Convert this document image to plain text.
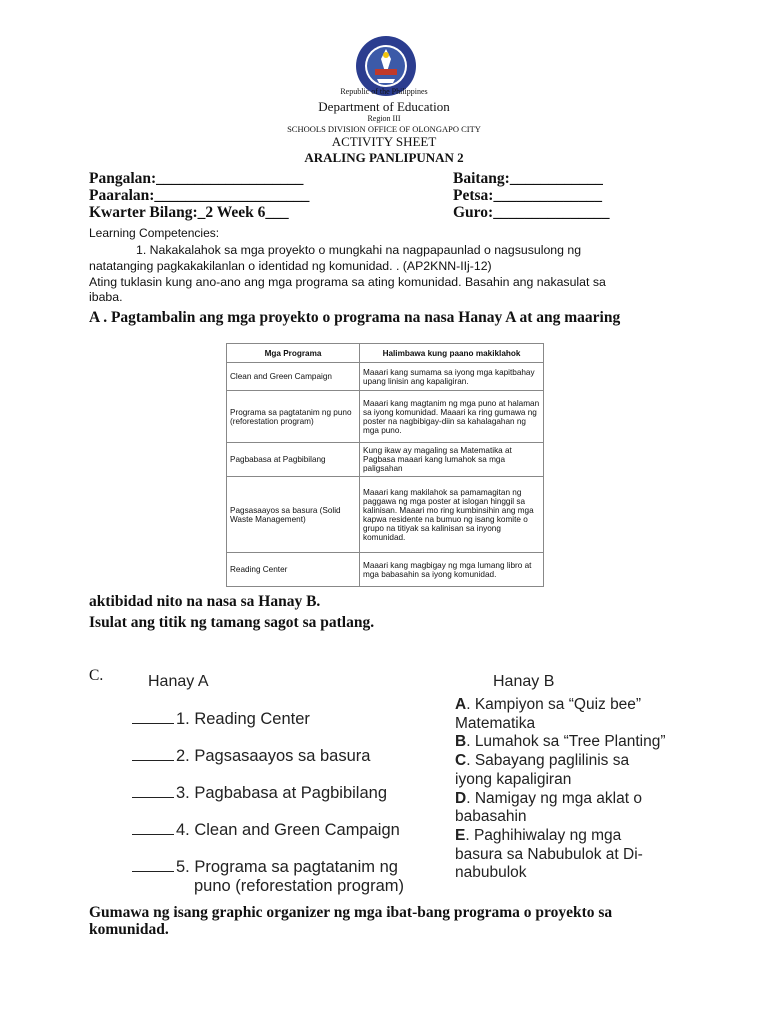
Republic of the Philippines
Department of Education
Region III
SCHOOLS DIVISION OFFICE OF OLONGAPO CITY
ACTIVITY SHEET
ARALING PANLIPUNAN 2
Pangalan:___________________
Paaralan:____________________
Kwarter Bilang:_2 Week 6___
Baitang:____________
Petsa:______________
Guro:_______________
Learning Competencies:
1. Nakakalahok sa mga proyekto o mungkahi na nagpapaunlad o nagsusulong ng
natatanging pagkakakilanlan o identidad ng komunidad. . (AP2KNN-IIj-12)
Ating tuklasin kung ano-ano ang mga programa sa ating komunidad. Basahin ang nakasulat sa
ibaba.
A . Pagtambalin ang mga proyekto o programa na nasa Hanay A at ang maaring
Mga Programa	Halimbawa kung paano makiklahok
Clean and Green Campaign	Maaari kang sumama sa iyong mga kapitbahay upang linisin ang kapaligiran.
Programa sa pagtatanim ng puno (reforestation program)	Maaari kang magtanim ng mga puno at halaman sa iyong komunidad. Maaari ka ring gumawa ng poster na nagbibigay-diin sa kahalagahan ng mga puno.
Pagbabasa at Pagbibilang	Kung ikaw ay magaling sa Matematika at Pagbasa maaari kang lumahok sa mga paligsahan
Pagsasaayos sa basura (Solid Waste Management)	Maaari kang makilahok sa pamamagitan ng paggawa ng mga poster at islogan hinggil sa kalinisan. Maaari mo ring kumbinsihin ang mga kapwa residente na bumuo ng isang komite o grupo na titiyak sa kalinisan sa inyong komunidad.
Reading Center	Maaari kang magbigay ng mga lumang libro at mga babasahin sa iyong komunidad.
aktibidad nito na nasa sa Hanay B.
Isulat ang titik ng tamang sagot sa patlang.
C.	Hanay A	Hanay B
1. Reading Center
2. Pagsasaayos sa basura
3. Pagbabasa at Pagbibilang
4. Clean and Green Campaign
5. Programa sa pagtatanim ng
puno (reforestation program)
A. Kampiyon sa “Quiz bee” Matematika
B. Lumahok sa “Tree Planting”
C. Sabayang paglilinis sa iyong kapaligiran
D. Namigay ng mga aklat o babasahin
E. Paghihiwalay ng mga basura sa Nabubulok at Di-nabubulok
Gumawa ng isang graphic organizer ng mga ibat-bang programa o proyekto sa
komunidad.
